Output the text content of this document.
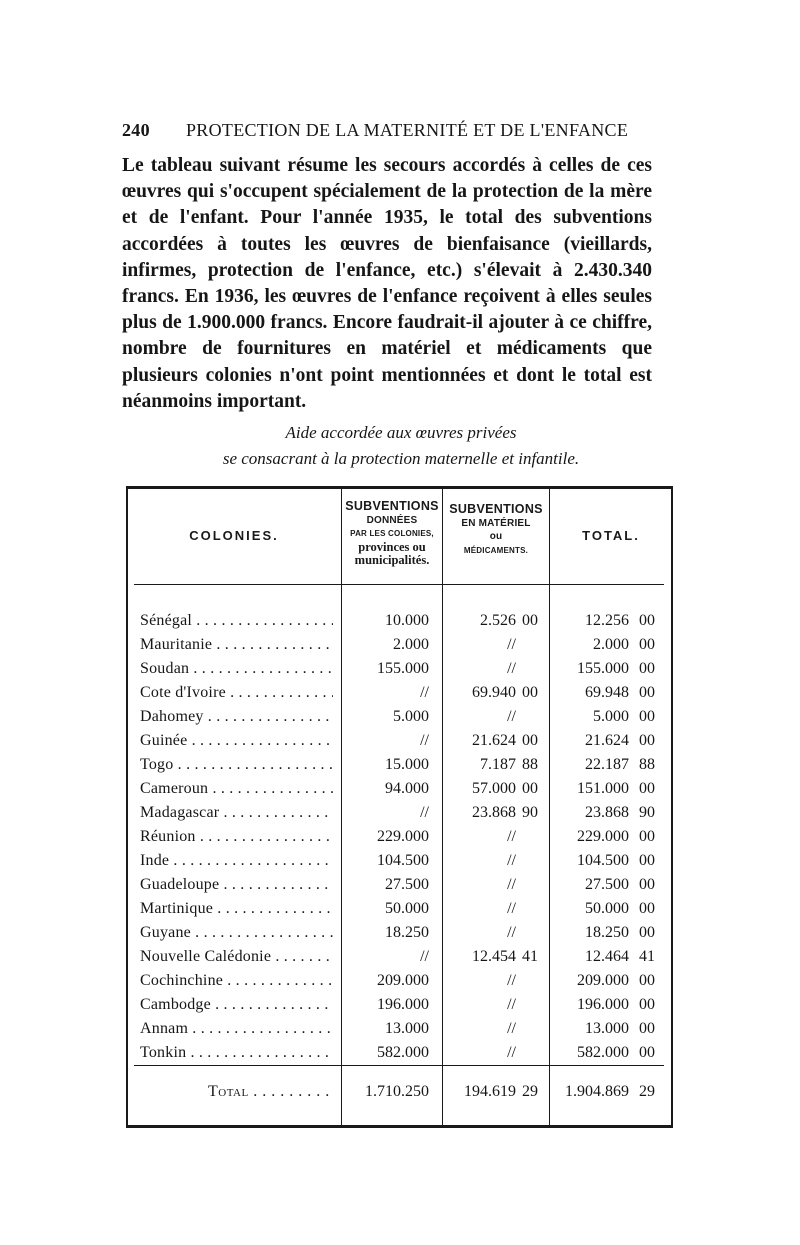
240 PROTECTION DE LA MATERNITÉ ET DE L'ENFANCE

Le tableau suivant résume les secours accordés à celles de ces œuvres qui s'occupent spécialement de la protection de la mère et de l'enfant. Pour l'année 1935, le total des subventions accordées à toutes les œuvres de bienfaisance (vieillards, infirmes, protection de l'enfance, etc.) s'élevait à 2.430.340 francs. En 1936, les œuvres de l'enfance reçoivent à elles seules plus de 1.900.000 francs. Encore faudrait-il ajouter à ce chiffre, nombre de fournitures en matériel et médicaments que plusieurs colonies n'ont point mentionnées et dont le total est néanmoins important.

Aide accordée aux œuvres privées
se consacrant à la protection maternelle et infantile.
COLONIES.
SUBVENTIONS
DONNÉES
PAR LES COLONIES,
provinces ou
municipalités.
SUBVENTIONS
EN MATÉRIEL
ou
MÉDICAMENTS.
TOTAL.
Sénégal . . .	10.000	2.526 00	12.256 00
Mauritanie . . .	2.000	//	2.000 00
Soudan . . .	155.000	//	155.000 00
Cote d'Ivoire . . .	//	69.940 00	69.948 00
Dahomey . . .	5.000	//	5.000 00
Guinée . . .	//	21.624 00	21.624 00
Togo . . .	15.000	7.187 88	22.187 88
Cameroun . . .	94.000	57.000 00	151.000 00
Madagascar . . .	//	23.868 90	23.868 90
Réunion . . .	229.000	//	229.000 00
Inde . . .	104.500	//	104.500 00
Guadeloupe . . .	27.500	//	27.500 00
Martinique . . .	50.000	//	50.000 00
Guyane . . .	18.250	//	18.250 00
Nouvelle Calédonie . . .	//	12.454 41	12.464 41
Cochinchine . . .	209.000	//	209.000 00
Cambodge . . .	196.000	//	196.000 00
Annam . . .	13.000	//	13.000 00
Tonkin . . .	582.000	//	582.000 00
Total . . .	1.710.250	194.619 29	1.904.869 29
